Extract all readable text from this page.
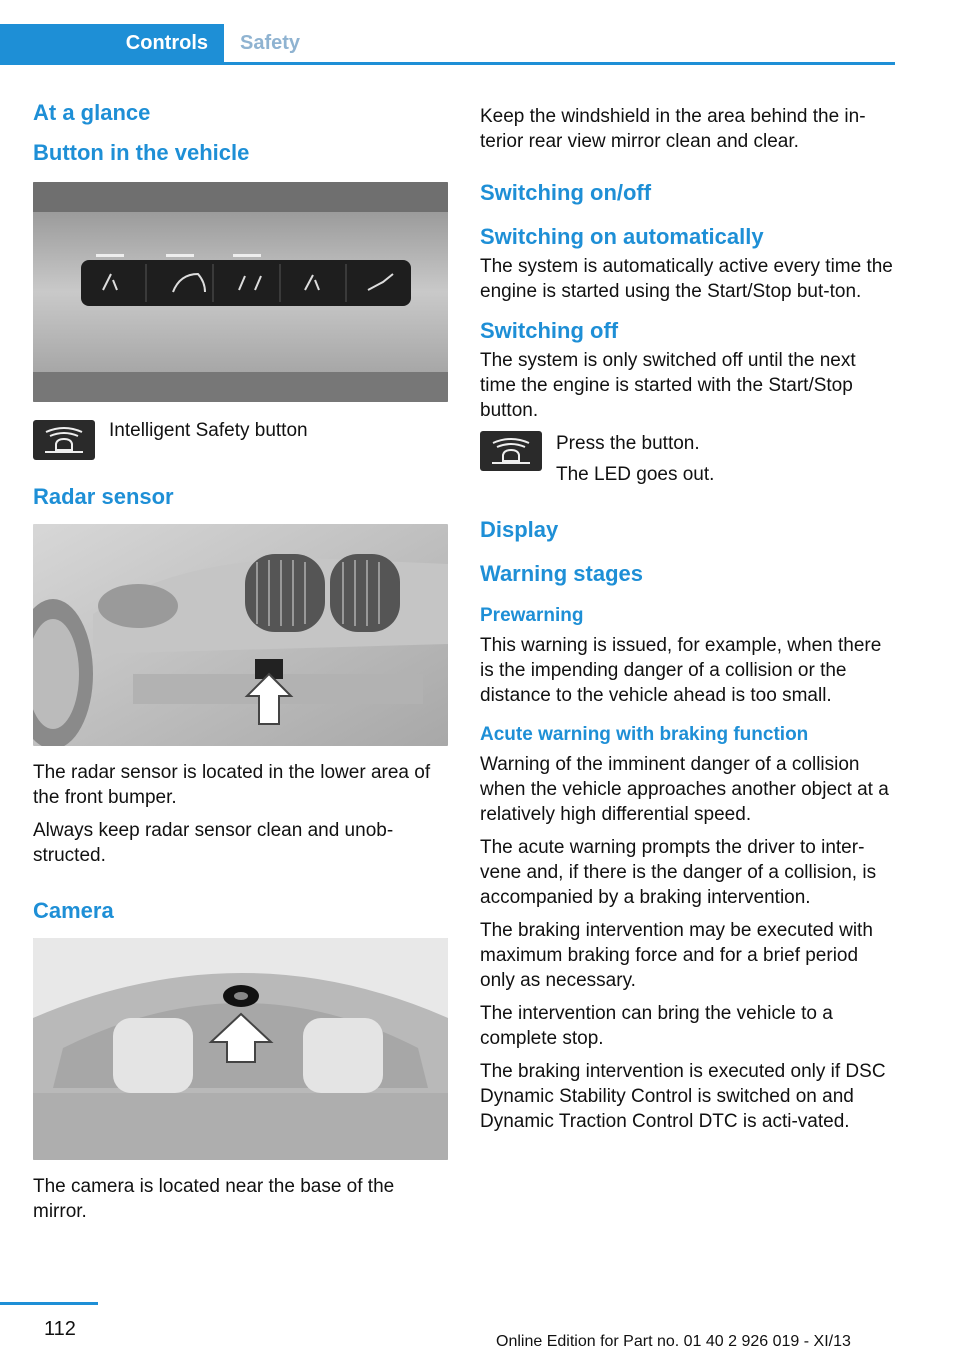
Controls Safety
At a glance
Button in the vehicle
Intelligent Safety button
Radar sensor
The radar sensor is located in the lower area of the front bumper.
Always keep radar sensor clean and unob‐structed.
Camera
The camera is located near the base of the mirror.
Keep the windshield in the area behind the in‐terior rear view mirror clean and clear.
Switching on/off
Switching on automatically
The system is automatically active every time the engine is started using the Start/Stop but‐ton.
Switching off
The system is only switched off until the next time the engine is started with the Start/Stop button.
Press the button.
The LED goes out.
Display
Warning stages
Prewarning
This warning is issued, for example, when there is the impending danger of a collision or the distance to the vehicle ahead is too small.
Acute warning with braking function
Warning of the imminent danger of a collision when the vehicle approaches another object at a relatively high differential speed.
The acute warning prompts the driver to inter‐vene and, if there is the danger of a collision, is accompanied by a braking intervention.
The braking intervention may be executed with maximum braking force and for a brief period only as necessary.
The intervention can bring the vehicle to a complete stop.
The braking intervention is executed only if DSC Dynamic Stability Control is switched on and Dynamic Traction Control DTC is acti‐vated.
112
Online Edition for Part no. 01 40 2 926 019 - XI/13
